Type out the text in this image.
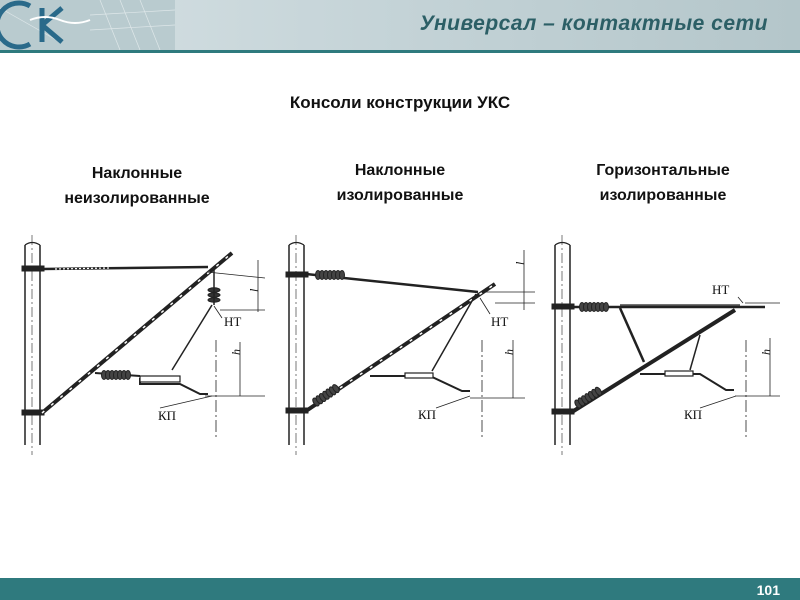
Универсал – контактные сети
Консоли конструкции УКС
Наклонные
неизолированные
Наклонные
изолированные
Горизонтальные
изолированные
НТ
КП
l
h
НТ
КП
l
h
НТ
КП
h
101
